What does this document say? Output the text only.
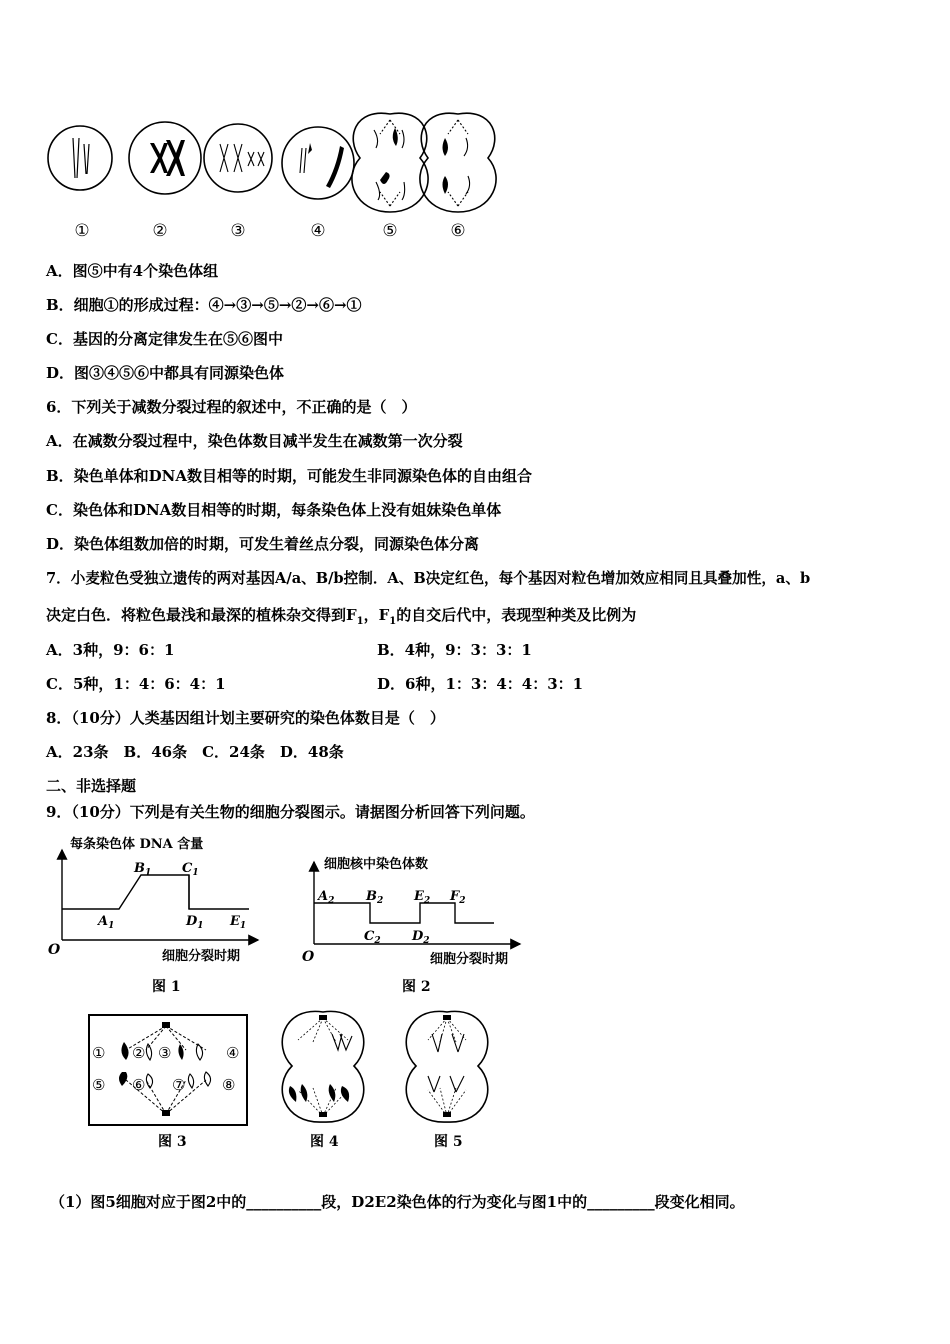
①	②	③	④	⑤	⑥
A．图⑤中有4个染色体组
B．细胞①的形成过程：④→③→⑤→②→⑥→①
C．基因的分离定律发生在⑤⑥图中
D．图③④⑤⑥中都具有同源染色体
6．下列关于减数分裂过程的叙述中，不正确的是（　）
A．在减数分裂过程中，染色体数目减半发生在减数第一次分裂
B．染色单体和DNA数目相等的时期，可能发生非同源染色体的自由组合
C．染色体和DNA数目相等的时期，每条染色体上没有姐妹染色单体
D．染色体组数加倍的时期，可发生着丝点分裂，同源染色体分离
7．小麦粒色受独立遗传的两对基因A/a、B/b控制．A、B决定红色，每个基因对粒色增加效应相同且具叠加性，a、b
决定白色．将粒色最浅和最深的植株杂交得到$F_1$，$F_1$的自交后代中，表现型种类及比例为
A．3种，9：6：1	B．4种，9：3：3：1
C．5种，1：4：6：4：1	D．6种，1：3：4：4：3：1
8．（10分）人类基因组计划主要研究的染色体数目是（　）
A．23条　B．46条　C．24条　D．48条
二、非选择题
9．（10分）下列是有关生物的细胞分裂图示。请据图分析回答下列问题。
每条染色体 DNA 含量
O
$A_1$
$B_1$ $C_1$
$D_1$ $E_1$
细胞分裂时期
图 1
细胞核中染色体数
O
$A_2$ $B_2$
$C_2$ $D_2$
$E_2$ $F_2$
细胞分裂时期
图 2
① ② ③	④
⑤ ⑥ ⑦ ⑧
图 3	图 4	图 5
（1）图5细胞对应于图2中的__________段，D2E2染色体的行为变化与图1中的_________段变化相同。
